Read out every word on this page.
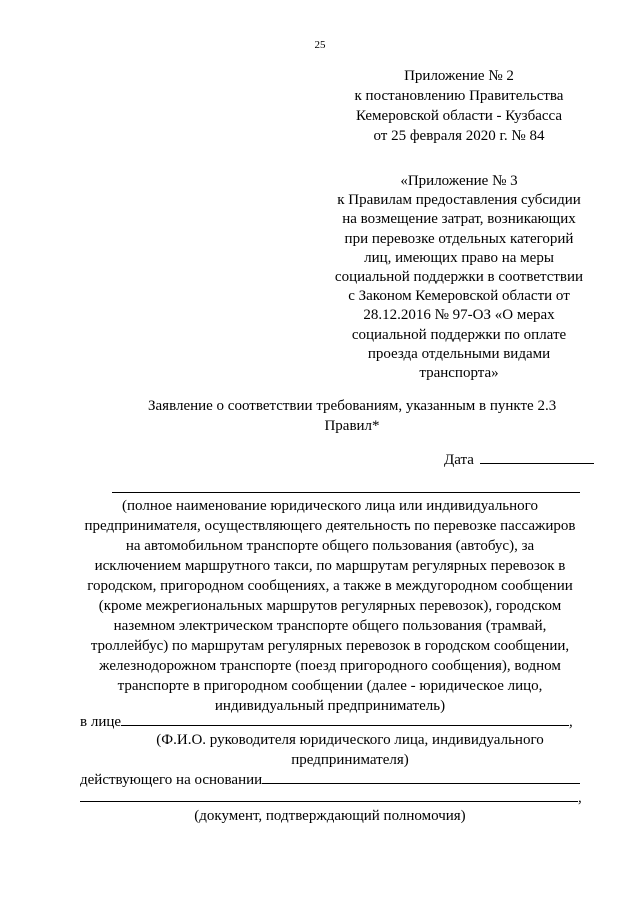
25
Приложение № 2
к постановлению Правительства
Кемеровской области - Кузбасса
от 25 февраля 2020 г. № 84
«Приложение № 3
к Правилам предоставления субсидии
на возмещение затрат, возникающих
при перевозке отдельных категорий
лиц, имеющих право на меры
социальной поддержки в соответствии
с Законом Кемеровской области от
28.12.2016 № 97-ОЗ «О мерах
социальной поддержки по оплате
проезда отдельными видами
транспорта»
Заявление о соответствии требованиям, указанным в пункте 2.3
Правил*
Дата
(полное наименование юридического лица или индивидуального
предпринимателя, осуществляющего деятельность по перевозке пассажиров
на автомобильном транспорте общего пользования (автобус), за
исключением маршрутного такси, по маршрутам регулярных перевозок в
городском, пригородном сообщениях, а также в междугородном сообщении
(кроме межрегиональных маршрутов регулярных перевозок), городском
наземном электрическом транспорте общего пользования (трамвай,
троллейбус) по маршрутам регулярных перевозок в городском сообщении,
железнодорожном транспорте (поезд пригородного сообщения), водном
транспорте в пригородном сообщении (далее - юридическое лицо,
индивидуальный предприниматель)
в лице	,
(Ф.И.О. руководителя юридического лица, индивидуального
предпринимателя)
действующего на основании
,
(документ, подтверждающий полномочия)
